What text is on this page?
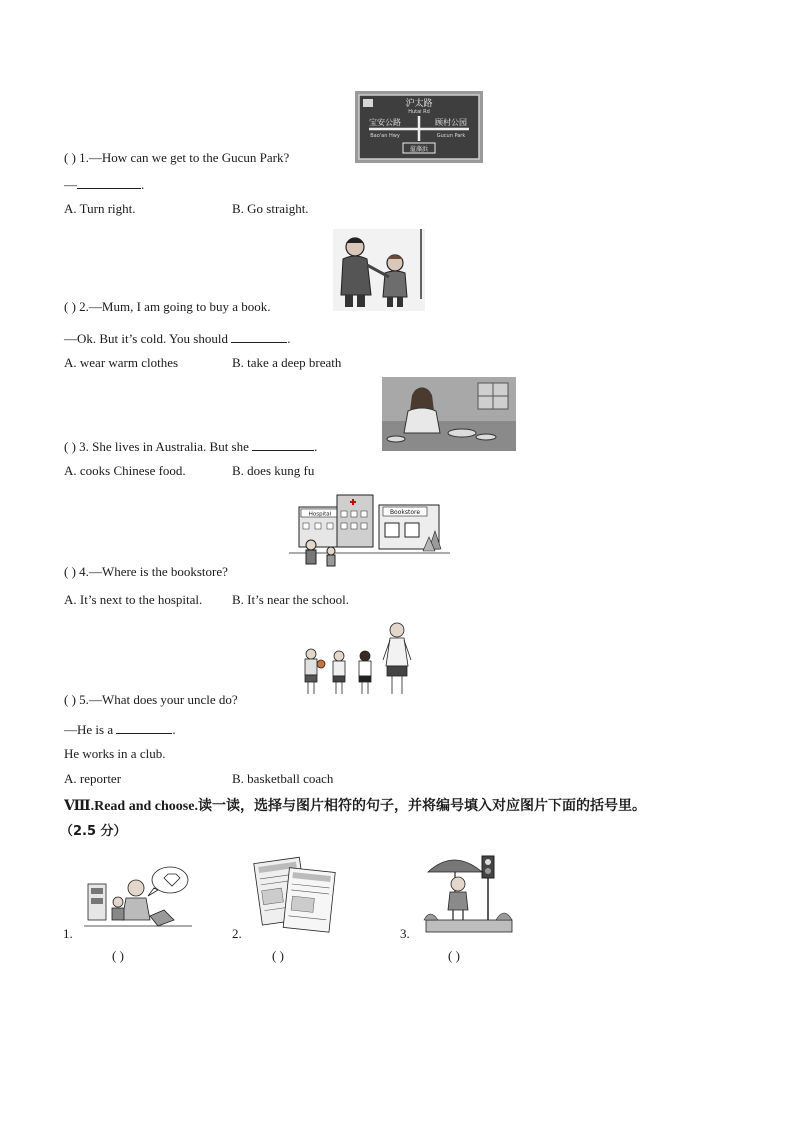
沪太路
Hutai Rd
宝安公路
Bao'an Hwy
顾村公园
Gucun Park
蕰藻浜
( ) 1.—How can we get to the Gucun Park?
—	.
A. Turn right.	B. Go straight.
( ) 2.—Mum, I am going to buy a book.
—Ok. But it’s cold. You should	.
A. wear warm clothes	B. take a deep breath
( ) 3. She lives in Australia. But she	.
A. cooks Chinese food.	B. does kung fu
Hospital	Bookstore
( ) 4.—Where is the bookstore?
A. It’s next to the hospital. B. It’s near the school.
( ) 5.—What does your uncle do?
—He is a	.
He works in a club.
A. reporter	B. basketball coach
Ⅷ.Read and choose.读一读，选择与图片相符的句子，并将编号填入对应图片下面的括号里。
（2.5 分）
1.
( )
2.
( )
3.
( )
